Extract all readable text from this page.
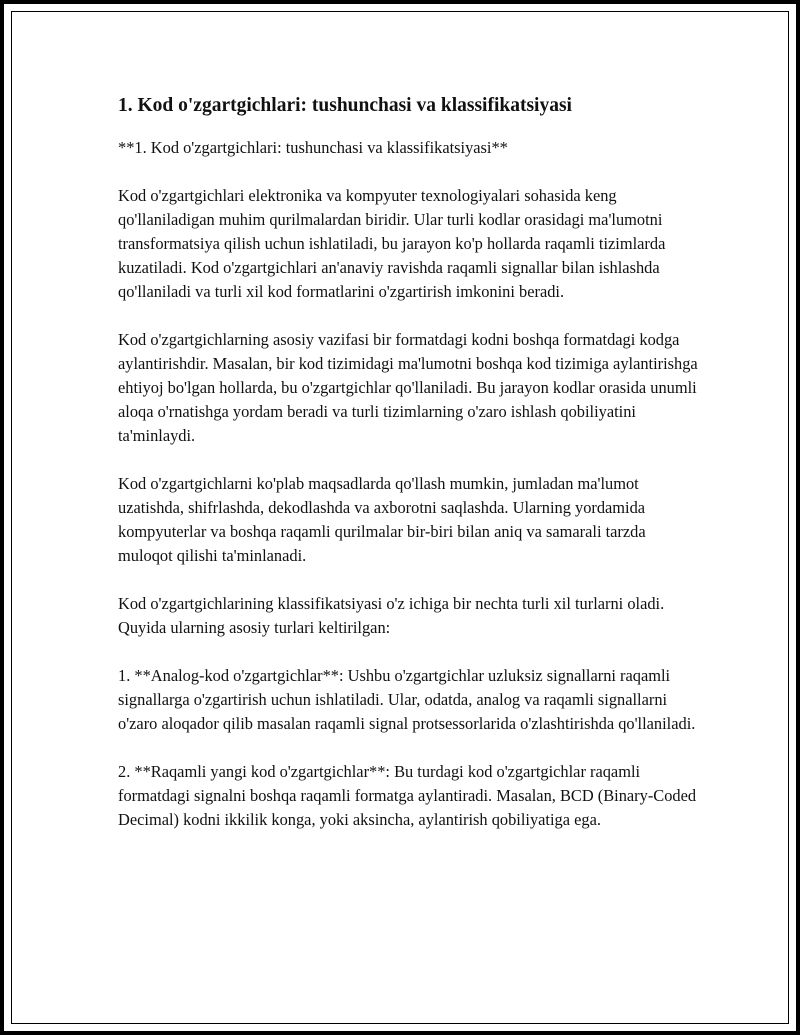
1. Kod o'zgartgichlari: tushunchasi va klassifikatsiyasi

**1. Kod o'zgartgichlari: tushunchasi va klassifikatsiyasi**

Kod o'zgartgichlari elektronika va kompyuter texnologiyalari sohasida keng qo'llaniladigan muhim qurilmalardan biridir. Ular turli kodlar orasidagi ma'lumotni transformatsiya qilish uchun ishlatiladi, bu jarayon ko'p hollarda raqamli tizimlarda kuzatiladi. Kod o'zgartgichlari an'anaviy ravishda raqamli signallar bilan ishlashda qo'llaniladi va turli xil kod formatlarini o'zgartirish imkonini beradi.

Kod o'zgartgichlarning asosiy vazifasi bir formatdagi kodni boshqa formatdagi kodga aylantirishdir. Masalan, bir kod tizimidagi ma'lumotni boshqa kod tizimiga aylantirishga ehtiyoj bo'lgan hollarda, bu o'zgartgichlar qo'llaniladi. Bu jarayon kodlar orasida unumli aloqa o'rnatishga yordam beradi va turli tizimlarning o'zaro ishlash qobiliyatini ta'minlaydi.

Kod o'zgartgichlarni ko'plab maqsadlarda qo'llash mumkin, jumladan ma'lumot uzatishda, shifrlashda, dekodlashda va axborotni saqlashda. Ularning yordamida kompyuterlar va boshqa raqamli qurilmalar bir-biri bilan aniq va samarali tarzda muloqot qilishi ta'minlanadi.

Kod o'zgartgichlarining klassifikatsiyasi o'z ichiga bir nechta turli xil turlarni oladi. Quyida ularning asosiy turlari keltirilgan:

1. **Analog-kod o'zgartgichlar**: Ushbu o'zgartgichlar uzluksiz signallarni raqamli signallarga o'zgartirish uchun ishlatiladi. Ular, odatda, analog va raqamli signallarni o'zaro aloqador qilib masalan raqamli signal protsessorlarida o'zlashtirishda qo'llaniladi.

2. **Raqamli yangi kod o'zgartgichlar**: Bu turdagi kod o'zgartgichlar raqamli formatdagi signalni boshqa raqamli formatga aylantiradi. Masalan, BCD (Binary-Coded Decimal) kodni ikkilik konga, yoki aksincha, aylantirish qobiliyatiga ega.
